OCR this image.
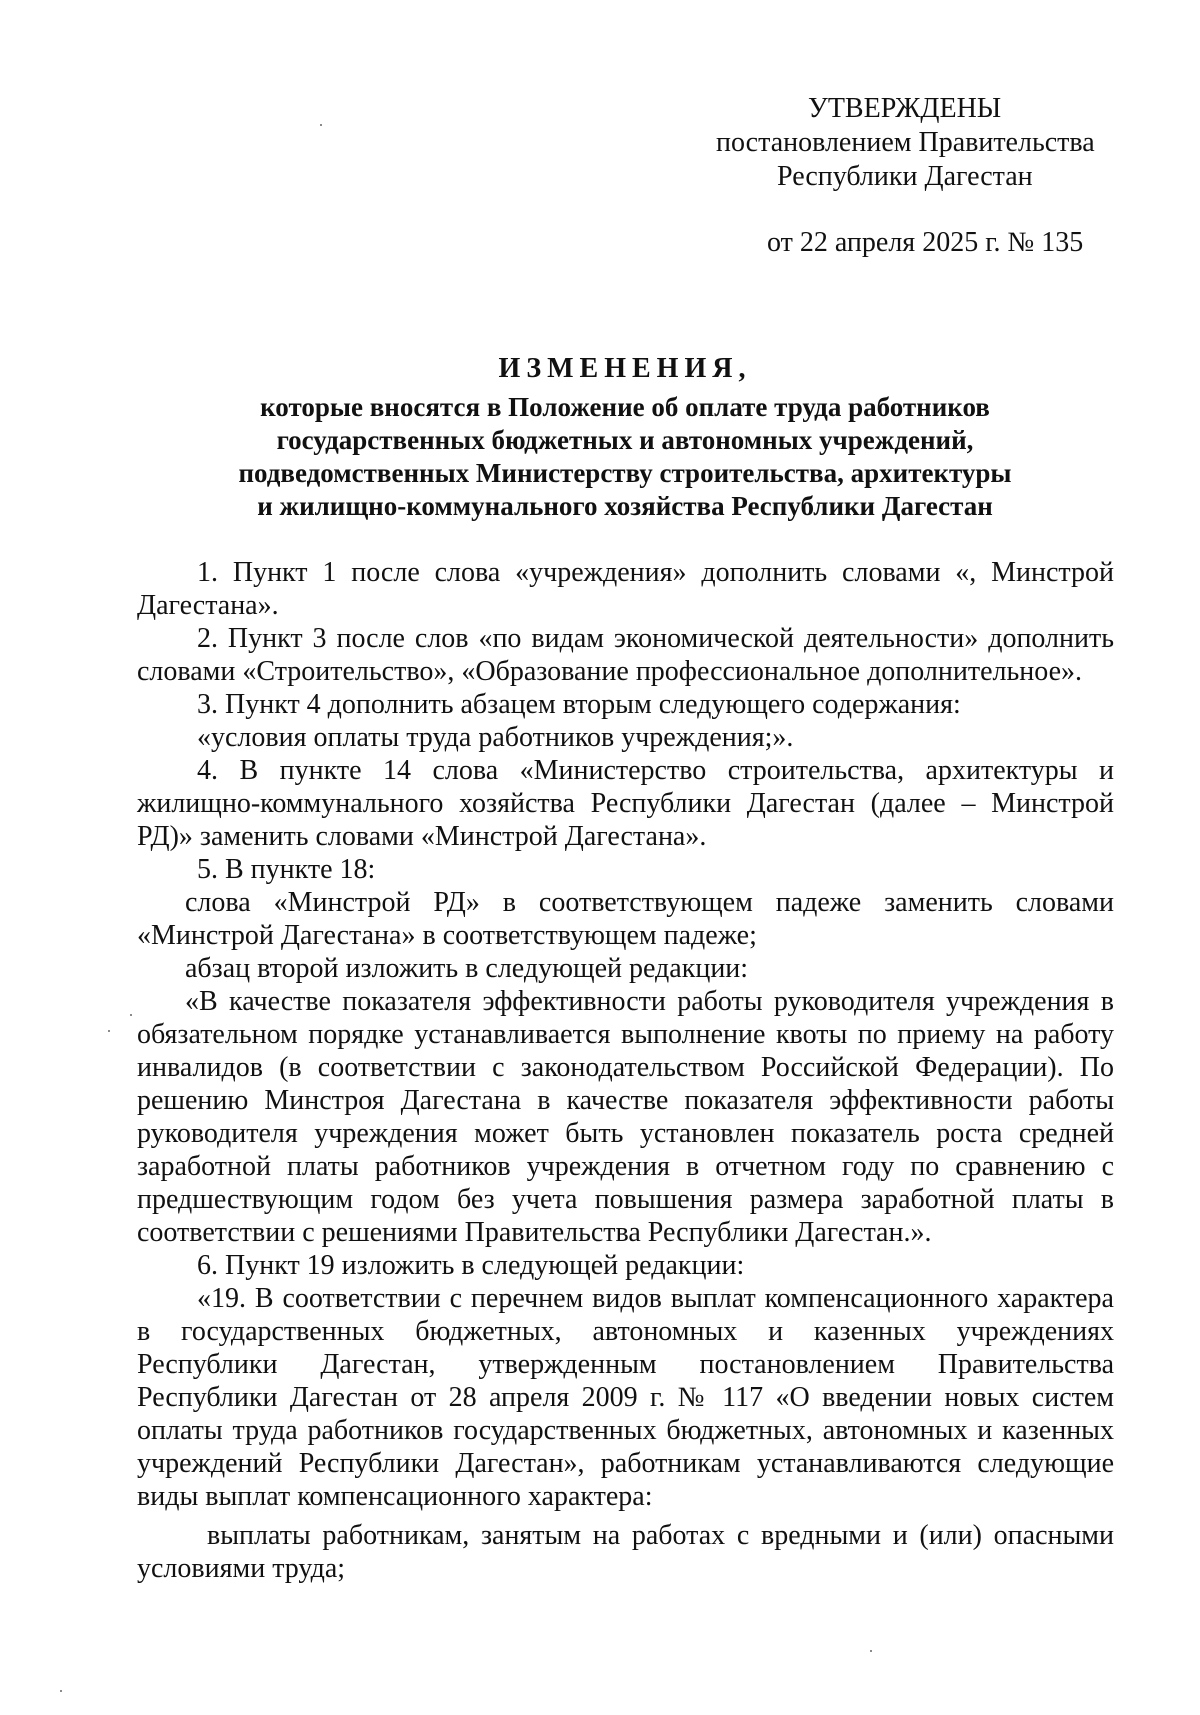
УТВЕРЖДЕНЫ
постановлением Правительства
Республики Дагестан
от 22 апреля 2025 г. № 135
ИЗМЕНЕНИЯ,
которые вносятся в Положение об оплате труда работников
государственных бюджетных и автономных учреждений,
подведомственных Министерству строительства, архитектуры
и жилищно-коммунального хозяйства Республики Дагестан

1. Пункт 1 после слова «учреждения» дополнить словами «, Минстрой Дагестана».

2. Пункт 3 после слов «по видам экономической деятельности» дополнить словами «Строительство», «Образование профессиональное дополнительное».

3. Пункт 4 дополнить абзацем вторым следующего содержания:

«условия оплаты труда работников учреждения;».

4. В пункте 14 слова «Министерство строительства, архитектуры и жилищно-коммунального хозяйства Республики Дагестан (далее – Минстрой РД)» заменить словами «Минстрой Дагестана».

5. В пункте 18:

слова «Минстрой РД» в соответствующем падеже заменить словами «Минстрой Дагестана» в соответствующем падеже;

абзац второй изложить в следующей редакции:

«В качестве показателя эффективности работы руководителя учреждения в обязательном порядке устанавливается выполнение квоты по приему на работу инвалидов (в соответствии с законодательством Российской Федерации). По решению Минстроя Дагестана в качестве показателя эффективности работы руководителя учреждения может быть установлен показатель роста средней заработной платы работников учреждения в отчетном году по сравнению с предшествующим годом без учета повышения размера заработной платы в соответствии с решениями Правительства Республики Дагестан.».

6. Пункт 19 изложить в следующей редакции:

«19. В соответствии с перечнем видов выплат компенсационного характера в государственных бюджетных, автономных и казенных учреждениях Республики Дагестан, утвержденным постановлением Правительства Республики Дагестан от 28 апреля 2009 г. № 117 «О введении новых систем оплаты труда работников государственных бюджетных, автономных и казенных учреждений Республики Дагестан», работникам устанавливаются следующие виды выплат компенсационного характера:

выплаты работникам, занятым на работах с вредными и (или) опасными условиями труда;
